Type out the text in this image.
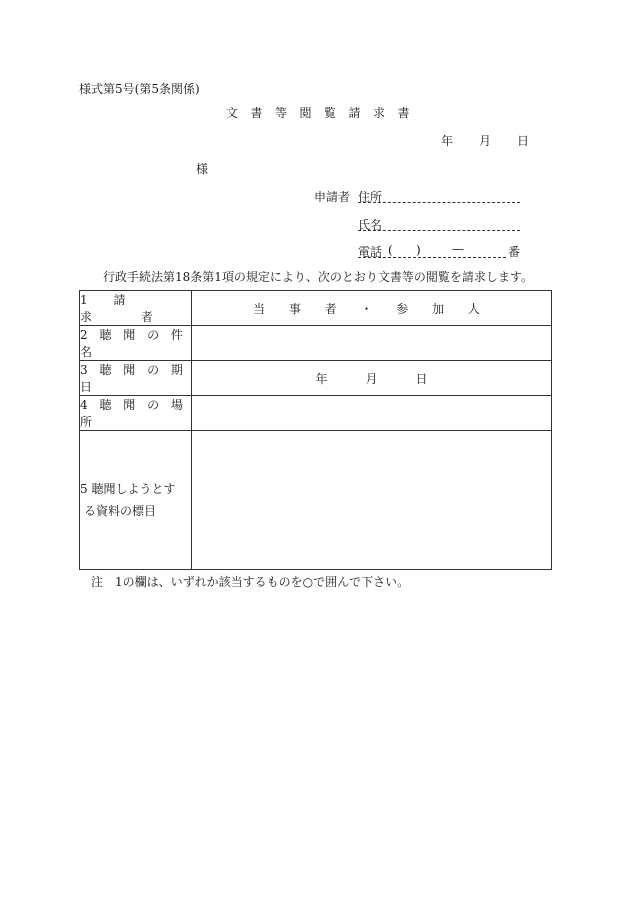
様式第5号(第5条関係)
文書等閲覧請求書
年 月 日
様
申請者 住所
氏名
電話 ( )	—	番
行政手続法第18条第1項の規定により、次のとおり文書等の閲覧を請求します。
1 請　 求　 者	当 事 者 ・ 参 加 人
2 聴 聞 の 件 名	
3 聴 聞 の 期 日	年 月 日
4 聴 聞 の 場 所	

5 聴聞しようとす
る資料の標目	

注　1の欄は、いずれか該当するものを○で囲んで下さい。
